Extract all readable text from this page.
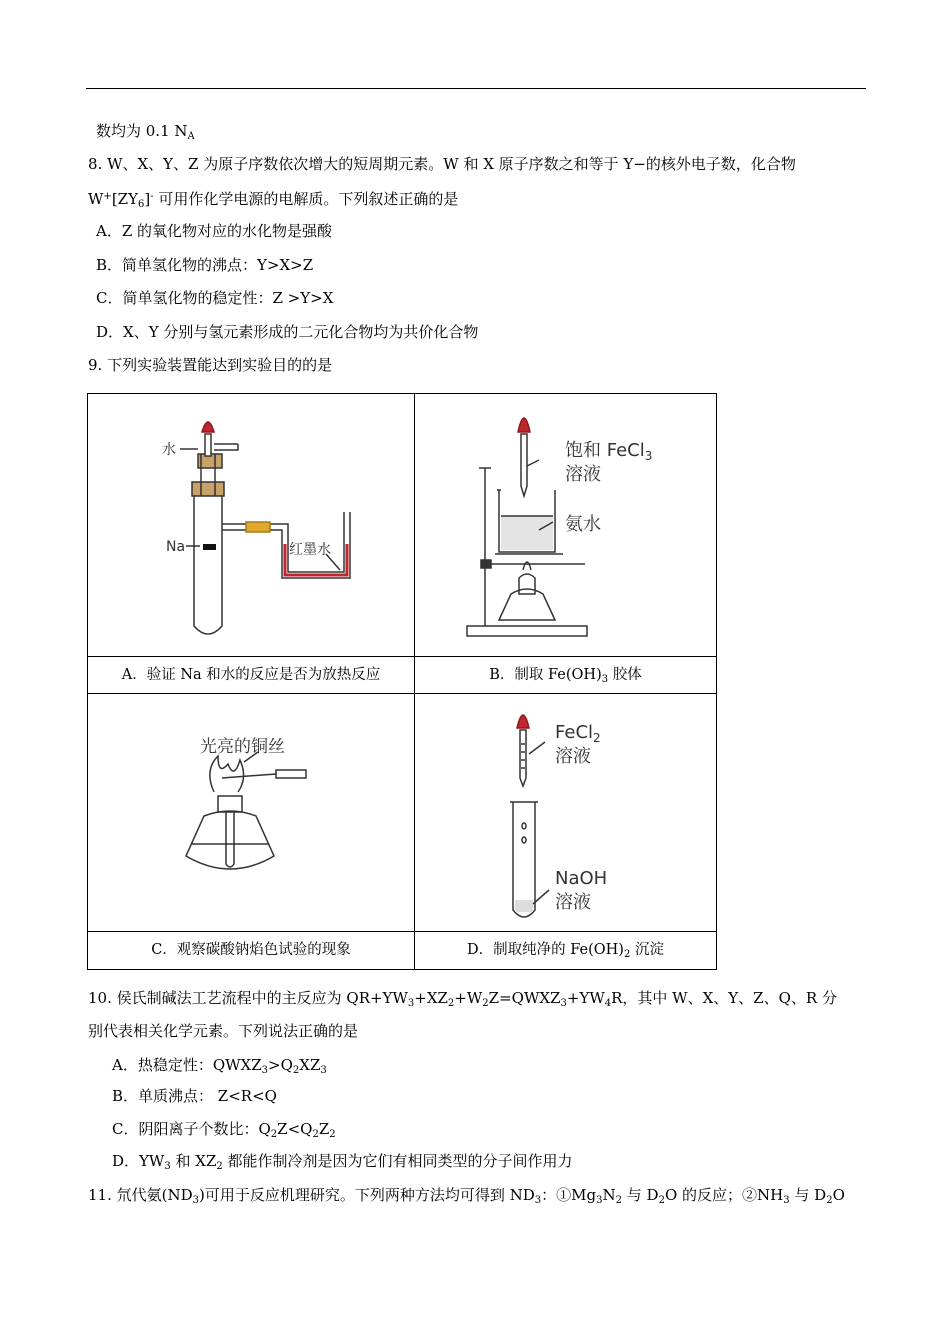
数均为 0.1 $N_A$
8. W、X、Y、Z 为原子序数依次增大的短周期元素。W 和 X 原子序数之和等于 Y−的核外电子数，化合物
$W^+[ZY_6]^-$ 可用作化学电源的电解质。下列叙述正确的是
A．Z 的氧化物对应的水化物是强酸
B．简单氢化物的沸点：Y>X>Z
C．简单氢化物的稳定性：Z >Y>X
D．X、Y 分别与氢元素形成的二元化合物均为共价化合物
9. 下列实验装置能达到实验目的的是
水
Na	红墨水
饱和 FeCl$_3$
溶液
氨水
A．验证 Na 和水的反应是否为放热反应	B．制取 $Fe(OH)_3$ 胶体
光亮的铜丝
FeCl$_2$
溶液
NaOH
溶液
C．观察碳酸钠焰色试验的现象	D．制取纯净的 $Fe(OH)_2$ 沉淀
10. 侯氏制碱法工艺流程中的主反应为 $QR+YW_3+XZ_2+W_2Z=QWXZ_3+YW_4R$，其中 W、X、Y、Z、Q、R 分
别代表相关化学元素。下列说法正确的是
A．热稳定性：$QWXZ_3>Q_2XZ_3$
B．单质沸点： Z<R<Q
C．阴阳离子个数比：$Q_2Z<Q_2Z_2$
D．$YW_3$ 和 $XZ_2$ 都能作制冷剂是因为它们有相同类型的分子间作用力
11. 氘代氨$(ND_3)$可用于反应机理研究。下列两种方法均可得到 $ND_3$：$①Mg_3N_2$ 与 $D_2O$ 的反应；$②NH_3$ 与 $D_2O$
